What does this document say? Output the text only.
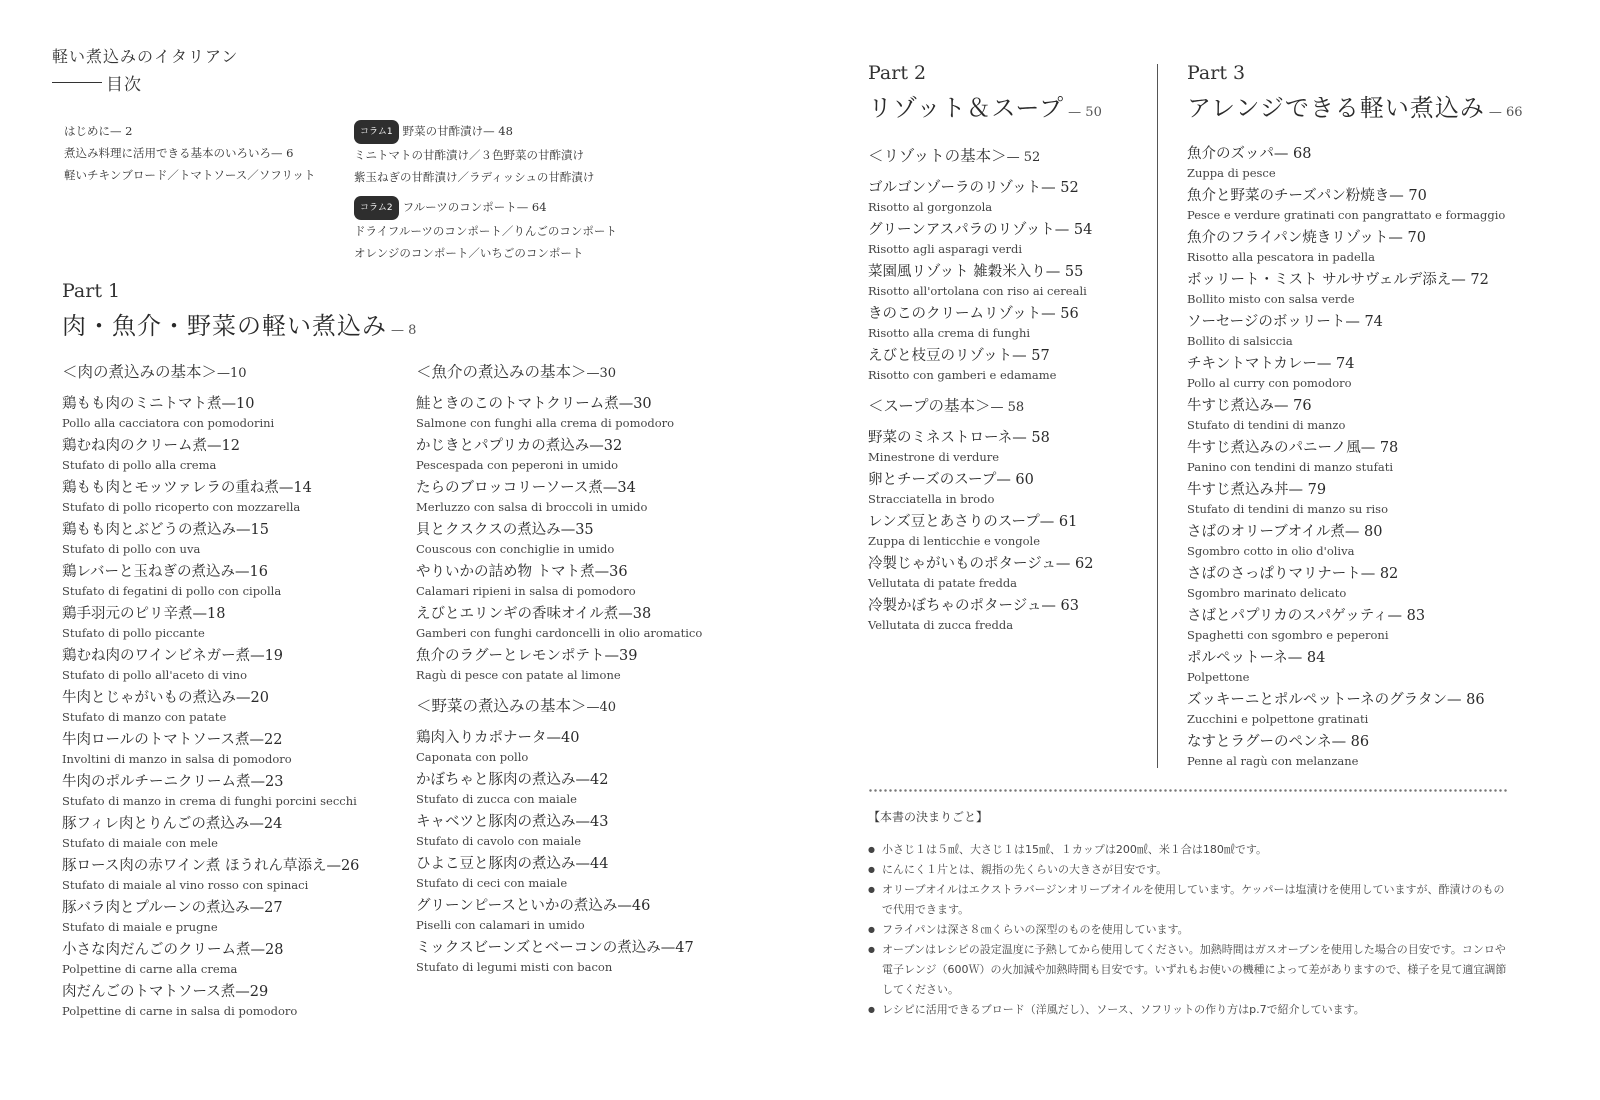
軽い煮込みのイタリアン
目次
はじめに— 2
煮込み料理に活用できる基本のいろいろ— 6
軽いチキンブロード／トマトソース／ソフリット
コラム1 野菜の甘酢漬け— 48
ミニトマトの甘酢漬け／３色野菜の甘酢漬け
紫玉ねぎの甘酢漬け／ラディッシュの甘酢漬け
コラム2 フルーツのコンポート— 64
ドライフルーツのコンポート／りんごのコンポート
オレンジのコンポート／いちごのコンポート
Part 1
肉・魚介・野菜の軽い煮込み — 8
＜肉の煮込みの基本＞—10
鶏もも肉のミニトマト煮—10
Pollo alla cacciatora con pomodorini
鶏むね肉のクリーム煮—12
Stufato di pollo alla crema
鶏もも肉とモッツァレラの重ね煮—14
Stufato di pollo ricoperto con mozzarella
鶏もも肉とぶどうの煮込み—15
Stufato di pollo con uva
鶏レバーと玉ねぎの煮込み—16
Stufato di fegatini di pollo con cipolla
鶏手羽元のピリ辛煮—18
Stufato di pollo piccante
鶏むね肉のワインビネガー煮—19
Stufato di pollo all'aceto di vino
牛肉とじゃがいもの煮込み—20
Stufato di manzo con patate
牛肉ロールのトマトソース煮—22
Involtini di manzo in salsa di pomodoro
牛肉のポルチーニクリーム煮—23
Stufato di manzo in crema di funghi porcini secchi
豚フィレ肉とりんごの煮込み—24
Stufato di maiale con mele
豚ロース肉の赤ワイン煮 ほうれん草添え—26
Stufato di maiale al vino rosso con spinaci
豚バラ肉とプルーンの煮込み—27
Stufato di maiale e prugne
小さな肉だんごのクリーム煮—28
Polpettine di carne alla crema
肉だんごのトマトソース煮—29
Polpettine di carne in salsa di pomodoro
＜魚介の煮込みの基本＞—30
鮭ときのこのトマトクリーム煮—30
Salmone con funghi alla crema di pomodoro
かじきとパプリカの煮込み—32
Pescespada con peperoni in umido
たらのブロッコリーソース煮—34
Merluzzo con salsa di broccoli in umido
貝とクスクスの煮込み—35
Couscous con conchiglie in umido
やりいかの詰め物 トマト煮—36
Calamari ripieni in salsa di pomodoro
えびとエリンギの香味オイル煮—38
Gamberi con funghi cardoncelli in olio aromatico
魚介のラグーとレモンポテト—39
Ragù di pesce con patate al limone
＜野菜の煮込みの基本＞—40
鶏肉入りカポナータ—40
Caponata con pollo
かぼちゃと豚肉の煮込み—42
Stufato di zucca con maiale
キャベツと豚肉の煮込み—43
Stufato di cavolo con maiale
ひよこ豆と豚肉の煮込み—44
Stufato di ceci con maiale
グリーンピースといかの煮込み—46
Piselli con calamari in umido
ミックスビーンズとベーコンの煮込み—47
Stufato di legumi misti con bacon
Part 2
リゾット＆スープ — 50
＜リゾットの基本＞— 52
ゴルゴンゾーラのリゾット— 52
Risotto al gorgonzola
グリーンアスパラのリゾット— 54
Risotto agli asparagi verdi
菜園風リゾット 雑穀米入り— 55
Risotto all'ortolana con riso ai cereali
きのこのクリームリゾット— 56
Risotto alla crema di funghi
えびと枝豆のリゾット— 57
Risotto con gamberi e edamame
＜スープの基本＞— 58
野菜のミネストローネ— 58
Minestrone di verdure
卵とチーズのスープ— 60
Stracciatella in brodo
レンズ豆とあさりのスープ— 61
Zuppa di lenticchie e vongole
冷製じゃがいものポタージュ— 62
Vellutata di patate fredda
冷製かぼちゃのポタージュ— 63
Vellutata di zucca fredda
Part 3
アレンジできる軽い煮込み — 66
魚介のズッパ— 68
Zuppa di pesce
魚介と野菜のチーズパン粉焼き— 70
Pesce e verdure gratinati con pangrattato e formaggio
魚介のフライパン焼きリゾット— 70
Risotto alla pescatora in padella
ボッリート・ミスト サルサヴェルデ添え— 72
Bollito misto con salsa verde
ソーセージのボッリート— 74
Bollito di salsiccia
チキントマトカレー— 74
Pollo al curry con pomodoro
牛すじ煮込み— 76
Stufato di tendini di manzo
牛すじ煮込みのパニーノ風— 78
Panino con tendini di manzo stufati
牛すじ煮込み丼— 79
Stufato di tendini di manzo su riso
さばのオリーブオイル煮— 80
Sgombro cotto in olio d'oliva
さばのさっぱりマリナート— 82
Sgombro marinato delicato
さばとパプリカのスパゲッティ— 83
Spaghetti con sgombro e peperoni
ポルペットーネ— 84
Polpettone
ズッキーニとポルペットーネのグラタン— 86
Zucchini e polpettone gratinati
なすとラグーのペンネ— 86
Penne al ragù con melanzane
【本書の決まりごと】
● 小さじ１は５㎖、大さじ１は15㎖、１カップは200㎖、米１合は180㎖です。
● にんにく１片とは、親指の先くらいの大きさが目安です。
● オリーブオイルはエクストラバージンオリーブオイルを使用しています。ケッパーは塩漬けを使用していますが、酢漬けのもので代用できます。
● フライパンは深さ８㎝くらいの深型のものを使用しています。
● オーブンはレシピの設定温度に予熱してから使用してください。加熱時間はガスオーブンを使用した場合の目安です。コンロや電子レンジ（600Ｗ）の火加減や加熱時間も目安です。いずれもお使いの機種によって差がありますので、様子を見て適宜調節してください。
● レシピに活用できるブロード（洋風だし）、ソース、ソフリットの作り方はp.7で紹介しています。
